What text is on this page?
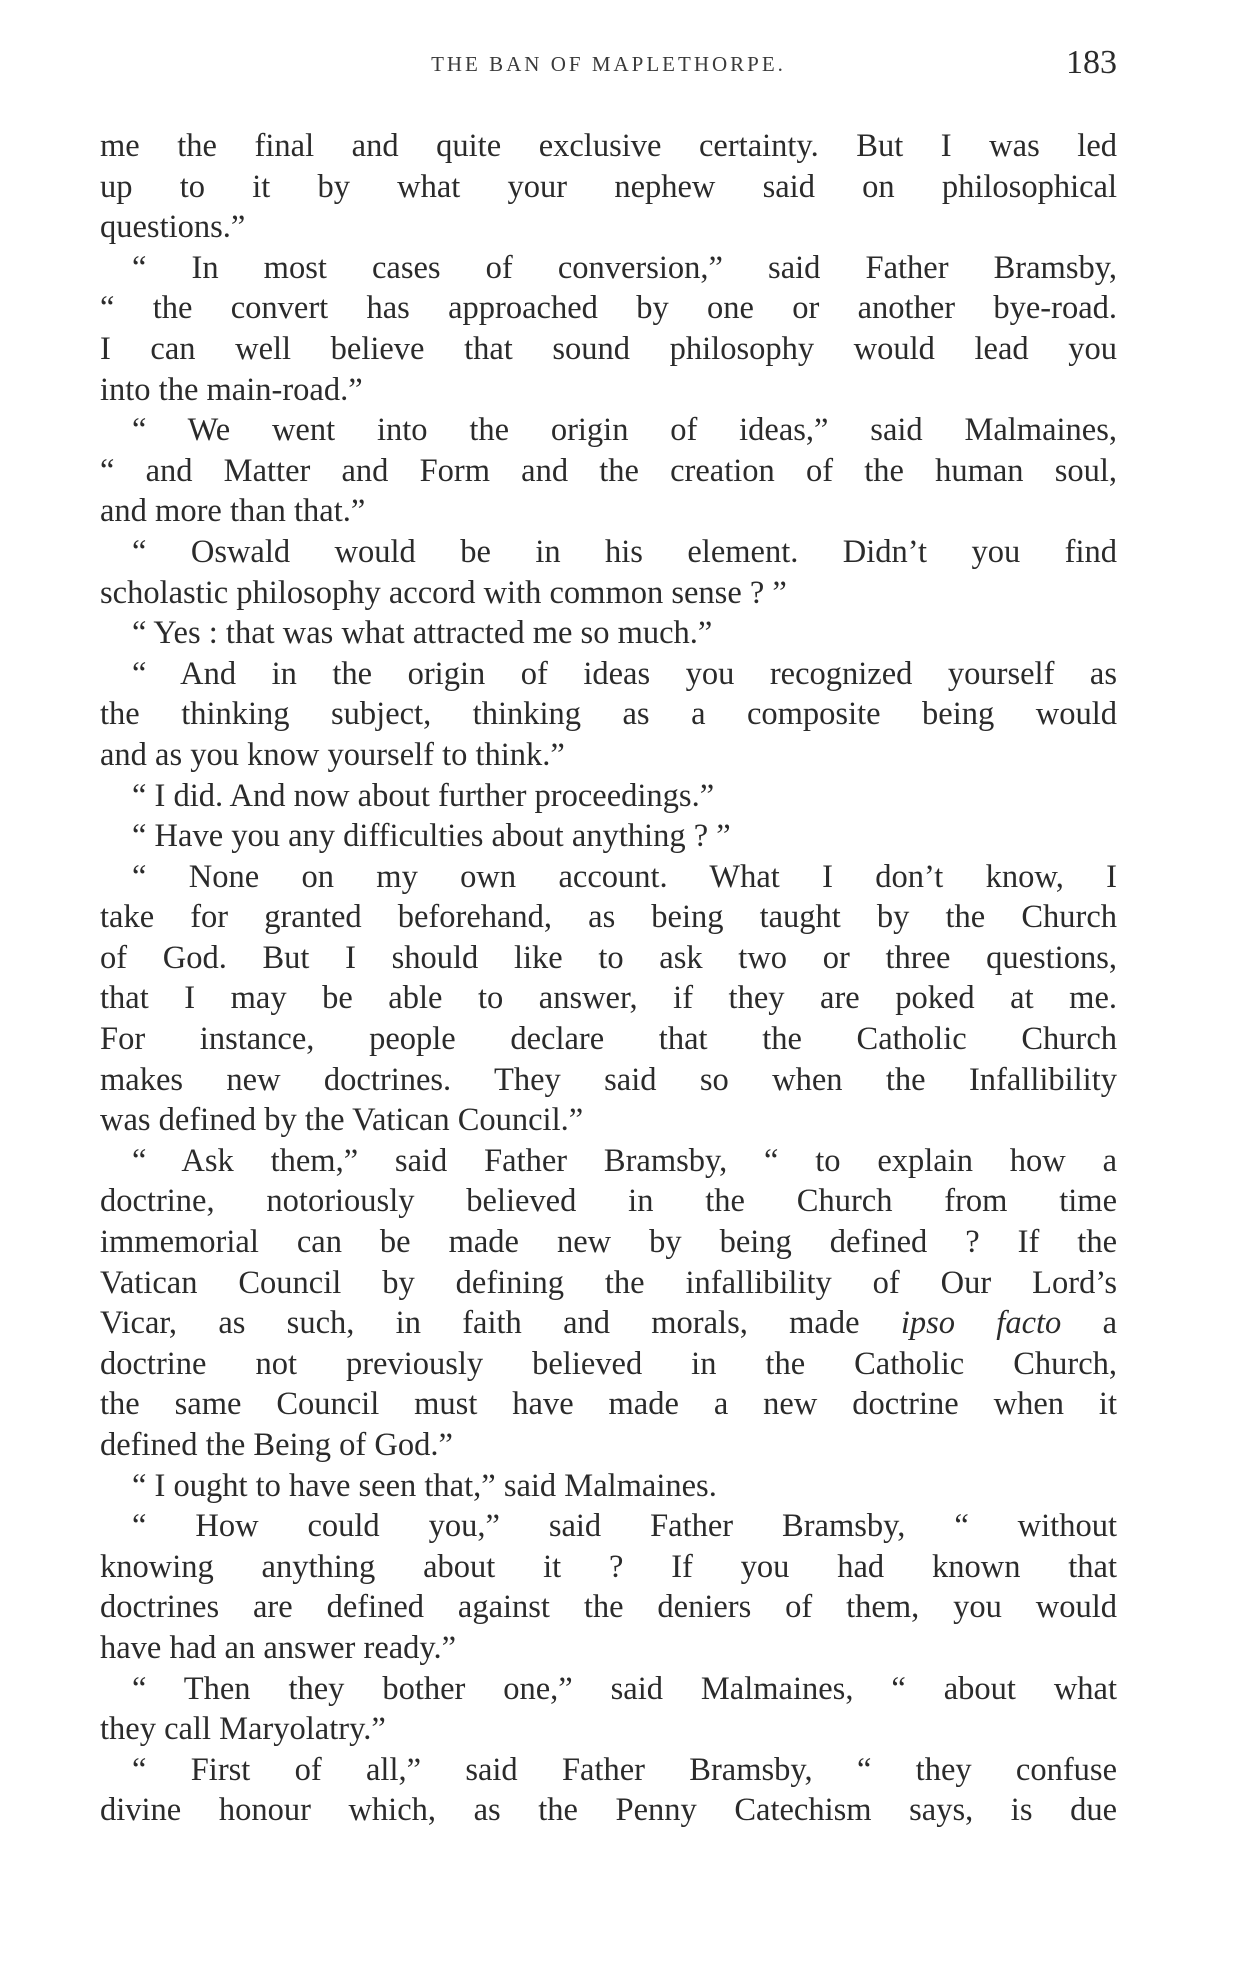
THE BAN OF MAPLETHORPE.	183
me the final and quite exclusive certainty. But I was led
up to it by what your nephew said on philosophical
questions.”
“ In most cases of conversion,” said Father Bramsby,
“ the convert has approached by one or another bye-road.
I can well believe that sound philosophy would lead you
into the main-road.”
“ We went into the origin of ideas,” said Malmaines,
“ and Matter and Form and the creation of the human soul,
and more than that.”
“ Oswald would be in his element. Didn’t you find
scholastic philosophy accord with common sense ? ”
“ Yes : that was what attracted me so much.”
“ And in the origin of ideas you recognized yourself as
the thinking subject, thinking as a composite being would
and as you know yourself to think.”
“ I did. And now about further proceedings.”
“ Have you any difficulties about anything ? ”
“ None on my own account. What I don’t know, I
take for granted beforehand, as being taught by the Church
of God. But I should like to ask two or three questions,
that I may be able to answer, if they are poked at me.
For instance, people declare that the Catholic Church
makes new doctrines. They said so when the Infallibility
was defined by the Vatican Council.”
“ Ask them,” said Father Bramsby, “ to explain how a
doctrine, notoriously believed in the Church from time
immemorial can be made new by being defined ? If the
Vatican Council by defining the infallibility of Our Lord’s
Vicar, as such, in faith and morals, made ipso facto a
doctrine not previously believed in the Catholic Church,
the same Council must have made a new doctrine when it
defined the Being of God.”
“ I ought to have seen that,” said Malmaines.
“ How could you,” said Father Bramsby, “ without
knowing anything about it ? If you had known that
doctrines are defined against the deniers of them, you would
have had an answer ready.”
“ Then they bother one,” said Malmaines, “ about what
they call Maryolatry.”
“ First of all,” said Father Bramsby, “ they confuse
divine honour which, as the Penny Catechism says, is due
